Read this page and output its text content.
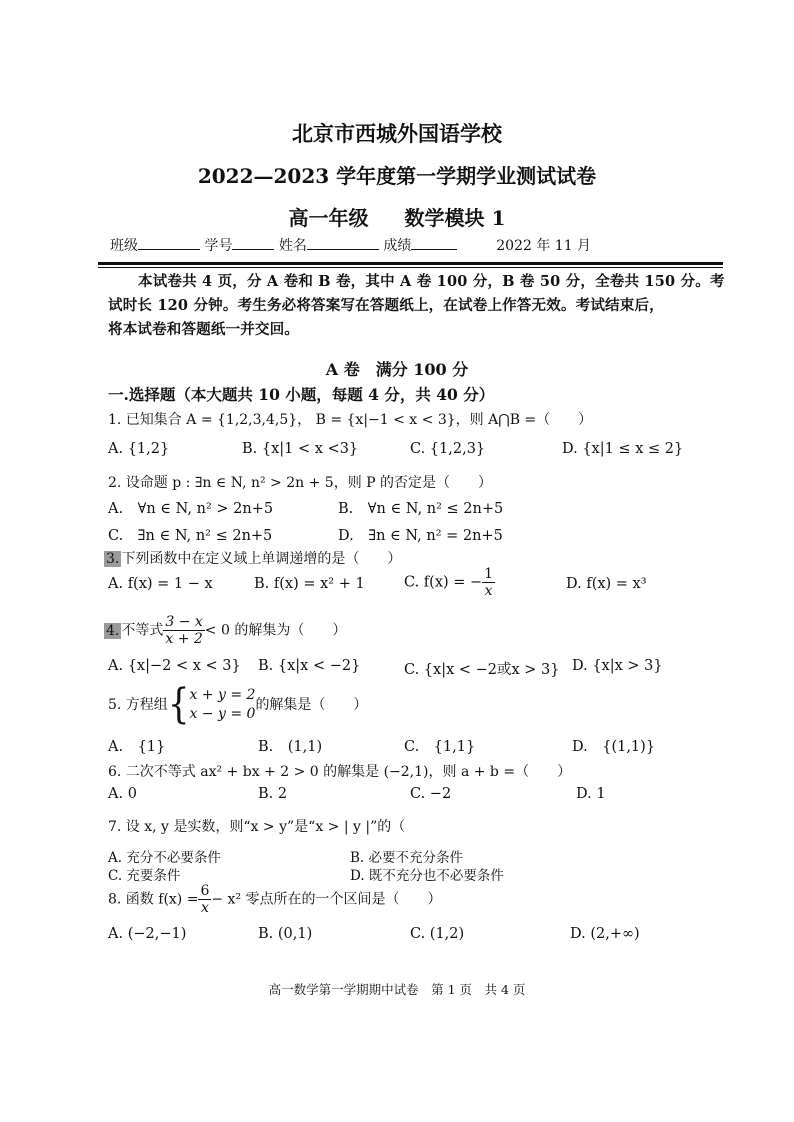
北京市西城外国语学校
2022—2023 学年度第一学期学业测试试卷
高一年级 数学模块 1
班级	学号	姓名	成绩	2022 年 11 月

本试卷共 4 页，分 A 卷和 B 卷，其中 A 卷 100 分，B 卷 50 分，全卷共 150 分。考

试时长 120 分钟。考生务必将答案写在答题纸上，在试卷上作答无效。考试结束后，

将本试卷和答题纸一并交回。

A 卷　满分 100 分
一.选择题（本大题共 10 小题，每题 4 分，共 40 分）
1. 已知集合 A = {1,2,3,4,5}， B = {x|−1 < x < 3}，则 A⋂B =（　　）
A. {1,2}	B. {x|1 < x <3}	C. {1,2,3}	D. {x|1 ≤ x ≤ 2}
2. 设命题 p : ∃n ∈ N, n² > 2n + 5，则 P 的否定是（　　）
A.　∀n ∈ N, n² > 2n+5	B.　∀n ∈ N, n² ≤ 2n+5
C.　∃n ∈ N, n² ≤ 2n+5	D.　∃n ∈ N, n² = 2n+5
3. 下列函数中在定义域上单调递增的是（　　）
A. f(x) = 1 − x	B. f(x) = x² + 1	C. f(x) = − $\frac{1}{x}$	D. f(x) = x³
4. 不等式 $\frac{3 - x}{x + 2} < 0$ 的解集为（　　）
A. {x|−2 < x < 3} B. {x|x < −2}	C. {x|x < −2或x > 3} D. {x|x > 3}
5. 方程组{ x + y = 2
x − y = 0
的解集是（　　）
A.　{1}	B.　(1,1)	C.　{1,1}	D.　{(1,1)}
6. 二次不等式 ax² + bx + 2 > 0 的解集是 (−2,1)，则 a + b =（　　）
A. 0	B. 2	C. −2	D. 1
7. 设 x, y 是实数，则“x > y”是“x > | y |”的（
A. 充分不必要条件	B. 必要不充分条件
C. 充要条件	D. 既不充分也不必要条件
8. 函数 $f(x) = \frac{6}{x} - x^2$ 零点所在的一个区间是（　　）
A. (−2,−1)	B. (0,1)	C. (1,2)	D. (2,+∞)
高一数学第一学期期中试卷　第 1 页　共 4 页
